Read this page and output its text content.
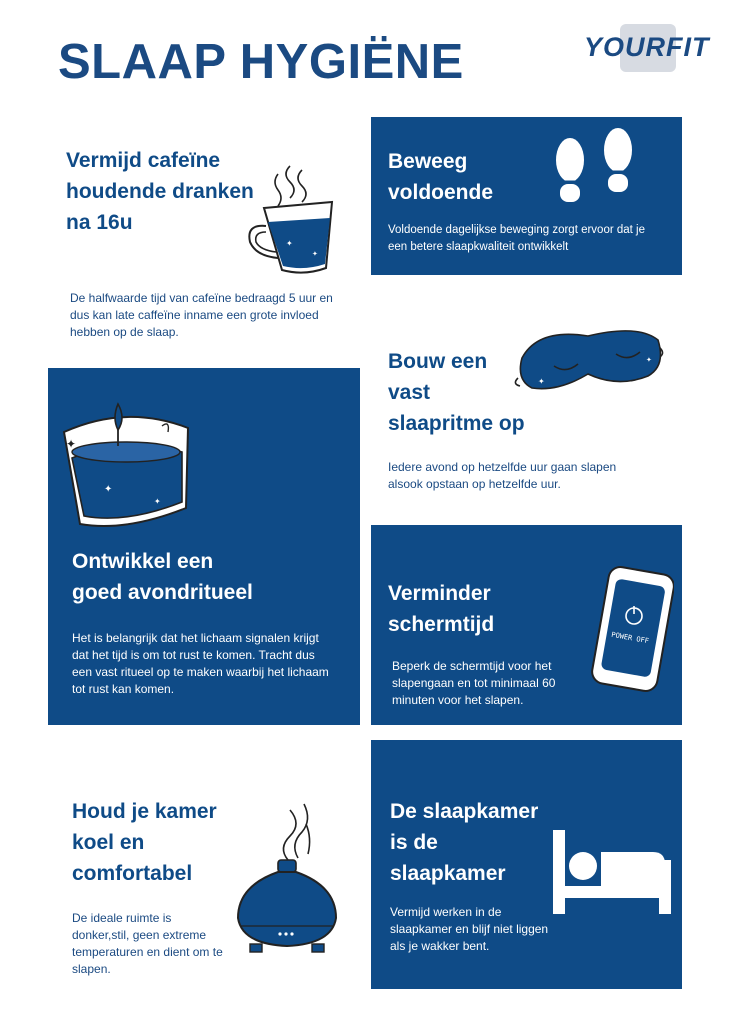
SLAAP HYGIËNE	YOURFIT
Vermijd cafeïne
houdende dranken
na 16u

De halfwaarde tijd van cafeïne bedraagd 5 uur en dus kan late caffeïne inname een grote invloed hebben op de slaap.

✦
✦
Beweeg
voldoende

Voldoende dagelijkse beweging zorgt ervoor dat je een betere slaapkwaliteit ontwikkelt

Bouw een
vast
slaapritme op

Iedere avond op hetzelfde uur gaan slapen alsook opstaan op hetzelfde uur.

✦
✦
✦
✦
✦
Ontwikkel een
goed avondritueel

Het is belangrijk dat het lichaam signalen krijgt dat het tijd is om tot rust te komen. Tracht dus een vast ritueel op te maken waarbij het lichaam tot rust kan komen.

Verminder
schermtijd

Beperk de schermtijd voor het slapengaan en tot minimaal 60 minuten voor het slapen.

POWER OFF
Houd je kamer
koel en
comfortabel

De ideale ruimte is donker,stil, geen extreme temperaturen en dient om te slapen.

De slaapkamer
is de
slaapkamer

Vermijd werken in de slaapkamer en blijf niet liggen als je wakker bent.
